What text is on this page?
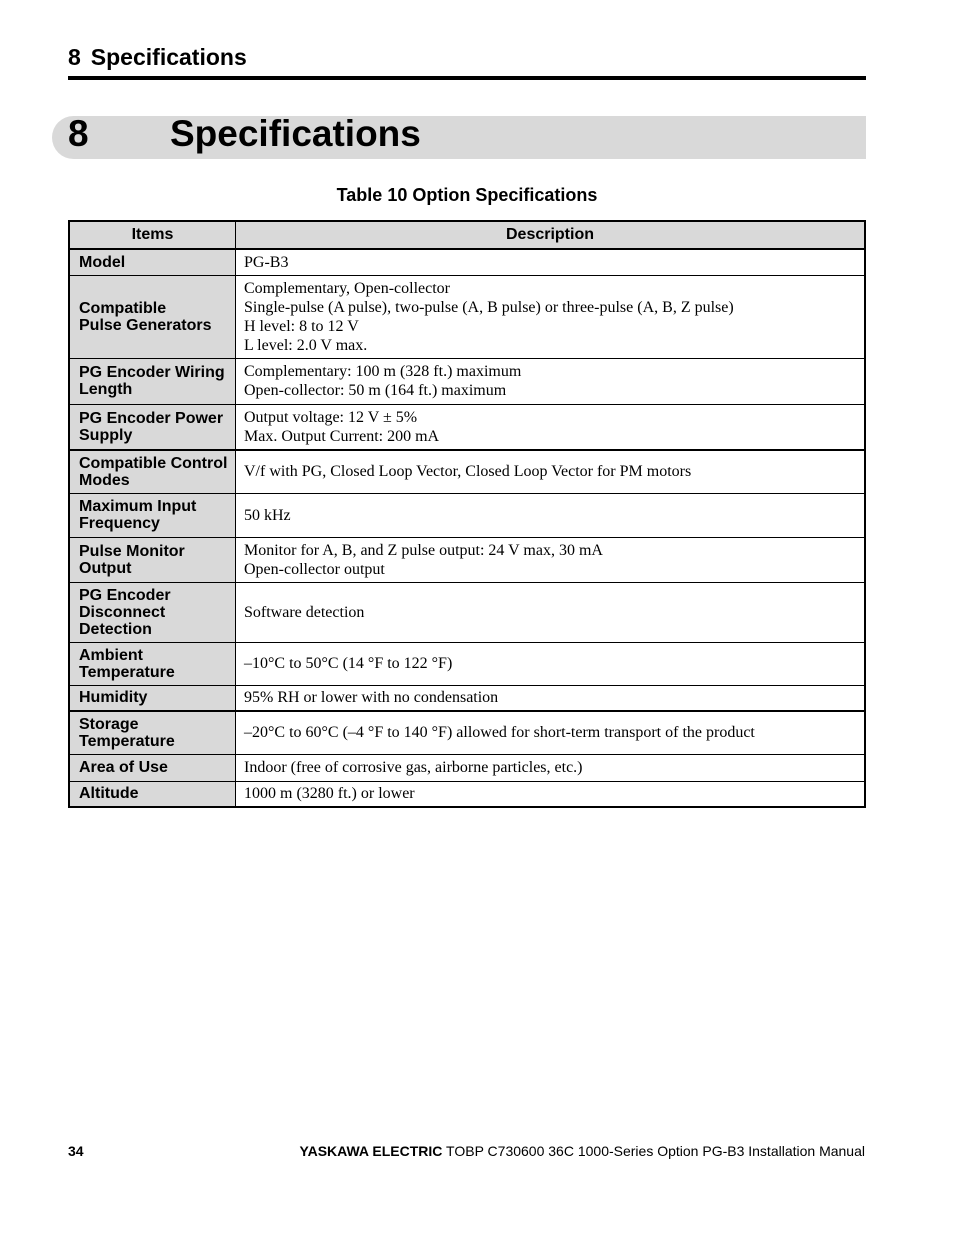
8 Specifications
8 Specifications
Table 10 Option Specifications
Items	Description

Model	PG-B3

Compatible
Pulse Generators	Complementary, Open-collector
Single-pulse (A pulse), two-pulse (A, B pulse) or three-pulse (A, B, Z pulse)
H level: 8 to 12 V
L level: 2.0 V max.

PG Encoder Wiring
Length	Complementary: 100 m (328 ft.) maximum
Open-collector: 50 m (164 ft.) maximum

PG Encoder Power
Supply	Output voltage: 12 V ± 5%
Max. Output Current: 200 mA

Compatible Control
Modes	V/f with PG, Closed Loop Vector, Closed Loop Vector for PM motors

Maximum Input
Frequency	50 kHz

Pulse Monitor
Output	Monitor for A, B, and Z pulse output: 24 V max, 30 mA
Open-collector output

PG Encoder
Disconnect
Detection	Software detection

Ambient
Temperature	–10°C to 50°C (14 °F to 122 °F)

Humidity	95% RH or lower with no condensation

Storage
Temperature	–20°C to 60°C (–4 °F to 140 °F) allowed for short-term transport of the product

Area of Use	Indoor (free of corrosive gas, airborne particles, etc.)

Altitude	1000 m (3280 ft.) or lower
34	YASKAWA ELECTRIC TOBP C730600 36C 1000-Series Option PG-B3 Installation Manual
